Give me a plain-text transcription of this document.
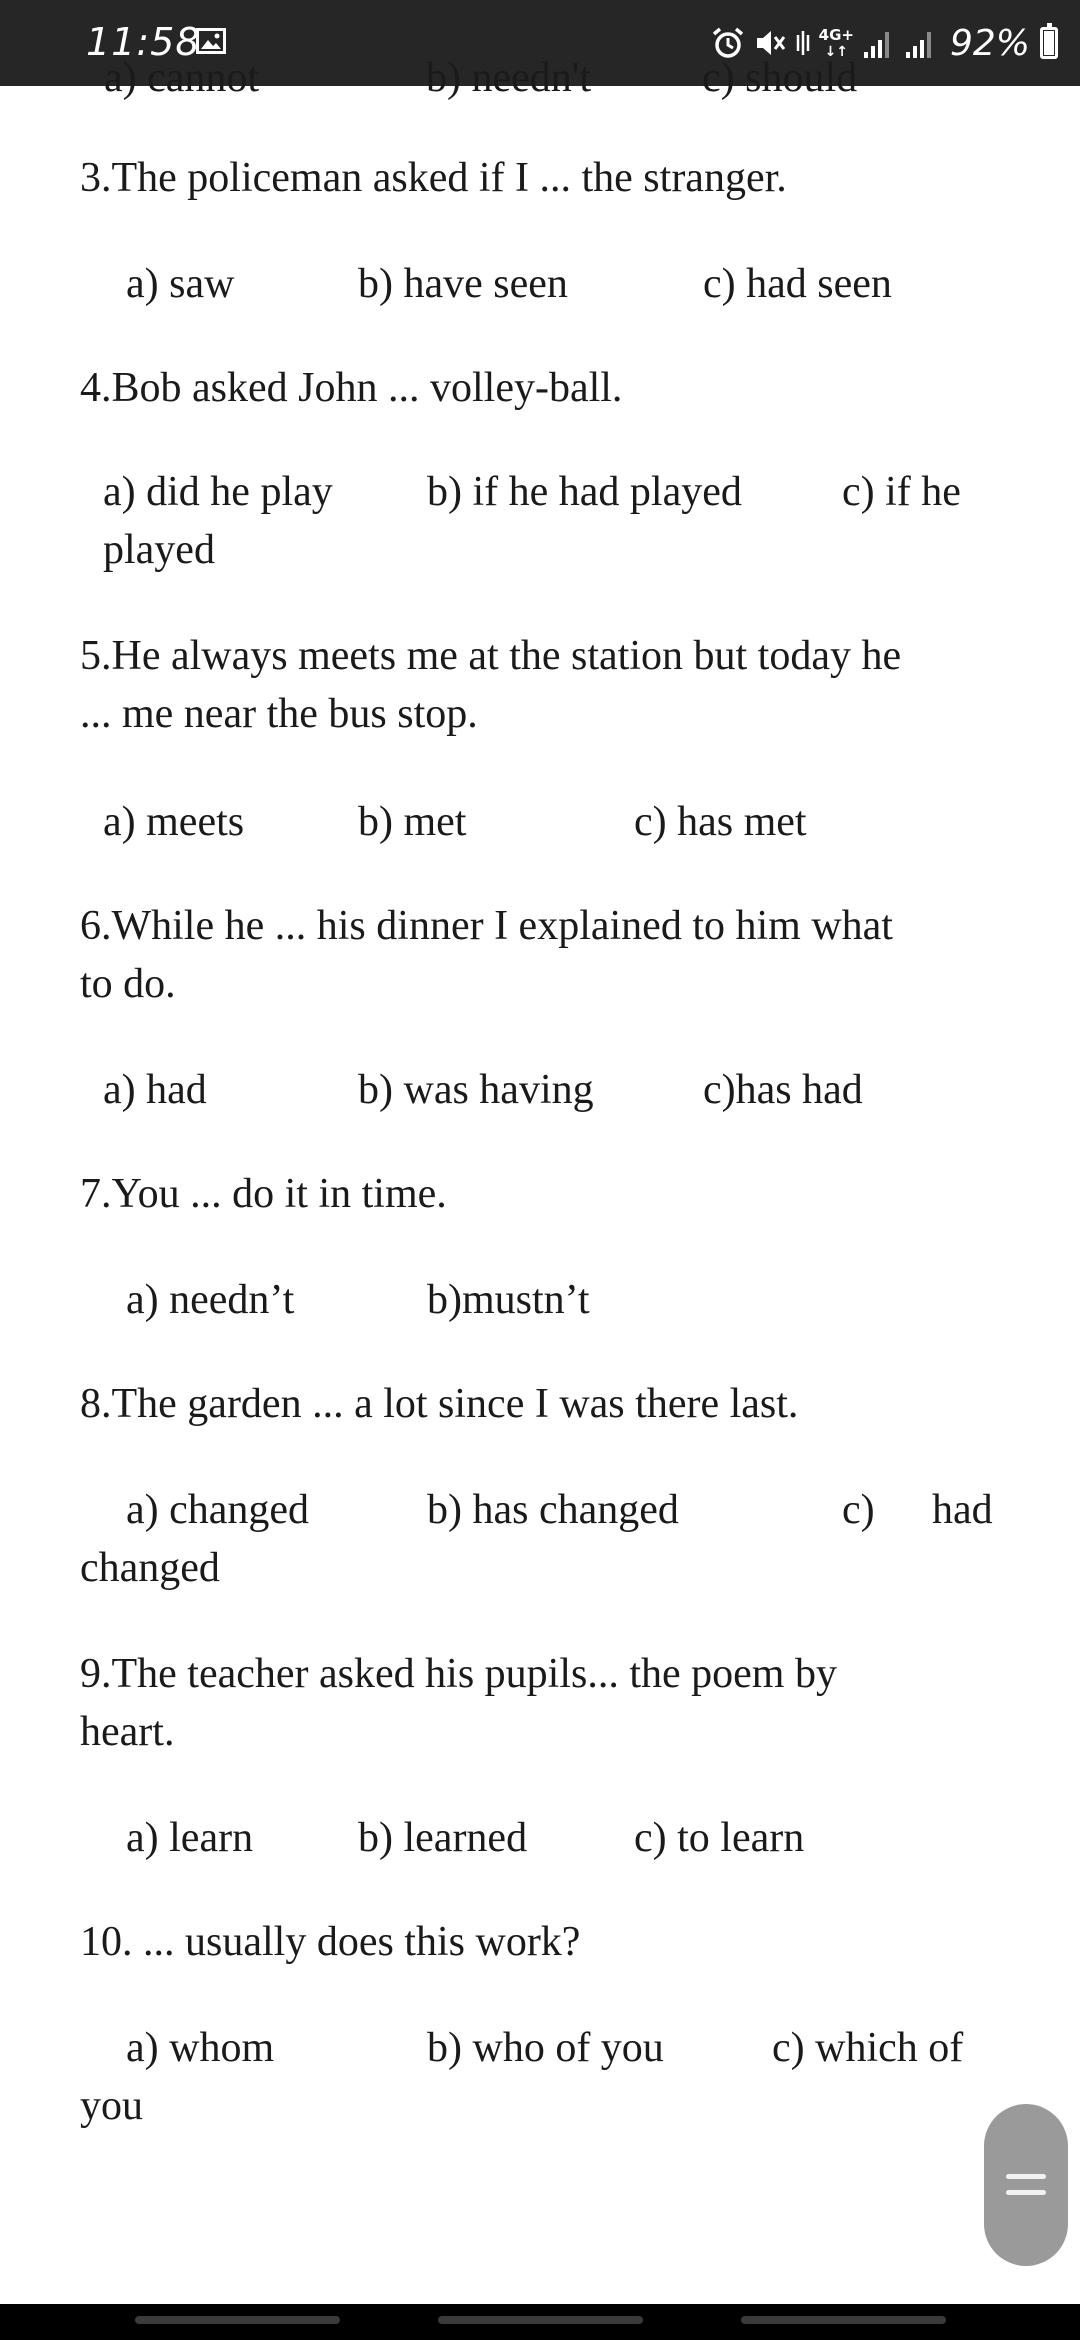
11:58	4G+
↓↑	92%
a) cannot	b) needn't	c) should
3.The policeman asked if I ... the stranger.
a) saw	b) have seen	c) had seen
4.Bob asked John ... volley-ball.
a) did he play b) if he had played c) if he
played
5.He always meets me at the station but today he
... me near the bus stop.
a) meets	b) met	c) has met
6.While he ... his dinner I explained to him what
to do.
a) had	b) was having	c)has had
7.You ... do it in time.
a) needn’t	b)mustn’t
8.The garden ... a lot since I was there last.
a) changed	b) has changed	c) had
changed
9.The teacher asked his pupils... the poem by
heart.
a) learn b) learned	c) to learn
10. ... usually does this work?
a) whom	b) who of you	c) which of
you
